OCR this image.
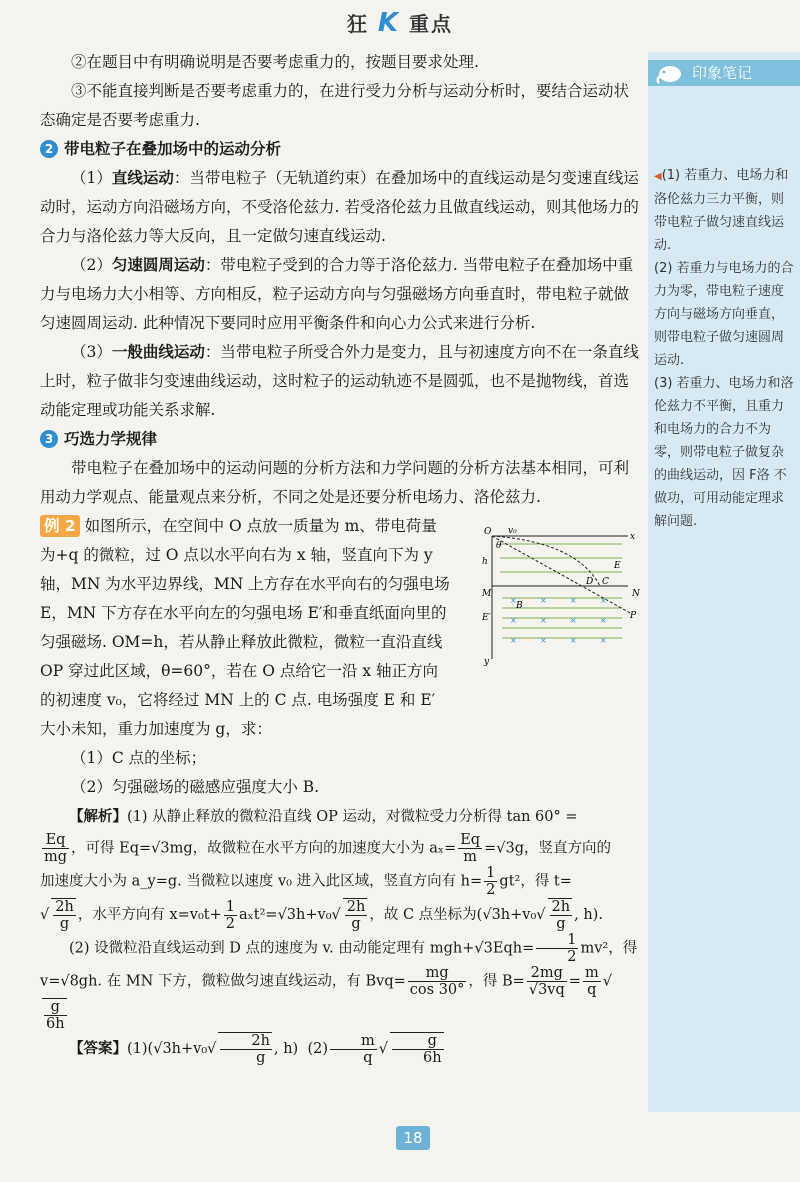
狂 K 重点

②在题目中有明确说明是否要考虑重力的，按题目要求处理.

③不能直接判断是否要考虑重力的，在进行受力分析与运动分析时，要结合运动状态确定是否要考虑重力.

2 带电粒子在叠加场中的运动分析

（1）直线运动：当带电粒子（无轨道约束）在叠加场中的直线运动是匀变速直线运动时，运动方向沿磁场方向，不受洛伦兹力. 若受洛伦兹力且做直线运动，则其他场力的合力与洛伦兹力等大反向，且一定做匀速直线运动.

（2）匀速圆周运动：带电粒子受到的合力等于洛伦兹力. 当带电粒子在叠加场中重力与电场力大小相等、方向相反，粒子运动方向与匀强磁场方向垂直时，带电粒子就做匀速圆周运动. 此种情况下要同时应用平衡条件和向心力公式来进行分析.

（3）一般曲线运动：当带电粒子所受合外力是变力，且与初速度方向不在一条直线上时，粒子做非匀变速曲线运动，这时粒子的运动轨迹不是圆弧，也不是抛物线，首选动能定理或功能关系求解.

3 巧选力学规律

带电粒子在叠加场中的运动问题的分析方法和力学问题的分析方法基本相同，可利用动力学观点、能量观点来分析，不同之处是还要分析电场力、洛伦兹力.

例 2 如图所示，在空间中 O 点放一质量为 m、带电荷量为+q 的微粒，过 O 点以水平向右为 x 轴，竖直向下为 y 轴，MN 为水平边界线，MN 上方存在水平向右的匀强电场 E，MN 下方存在水平向左的匀强电场 E′和垂直纸面向里的匀强磁场. OM=h，若从静止释放此微粒，微粒一直沿直线 OP 穿过此区域，θ=60°，若在 O 点给它一沿 x 轴正方向的初速度 v₀，它将经过 MN 上的 C 点. 电场强度 E 和 E′大小未知，重力加速度为 g，求：

（1）C 点的坐标；

（2）匀强磁场的磁感应强度大小 B.

【解析】(1) 从静止释放的微粒沿直线 OP 运动，对微粒受力分析得 tan 60° =

$\frac{Eq}{mg}$ ，可得 Eq=√3mg，故微粒在水平方向的加速度大小为 $a_x= \frac{Eq}{m} =√3g$，竖直方向的

加速度大小为 a_y=g. 当微粒以速度 v₀ 进入此区域，竖直方向有 $h= \frac{1}{2} gt^2$，得 t=

√ $\frac{2h}{g}$ ，水平方向有 $x=v_0t+ \frac{1}{2} a_xt^2=√3h+v_0√ \frac{2h}{g}$ ，故 C 点坐标为($√3h+v_0√ \frac{2h}{g}$ , h).

(2) 设微粒沿直线运动到 D 点的速度为 v. 由动能定理有 $mgh+√3Eqh= \frac{1}{2} mv^2$，得

v=√8gh. 在 MN 下方，微粒做匀速直线运动，有 $Bvq= \frac{mg}{\cos 30^\circ}$ ，得 $B= \frac{2mg}{√3vq} = \frac{m}{q}$ √
$\frac{g}{6h}$

【答案】$(1)(√3h+v_0√ \frac{2h}{g}$ , h) $(2) \frac{m}{q}$ √ $\frac{g}{6h}$

O v₀
x
y
θ
h	E
M	N
D C
B
E′	P
×	×	×	×
×	×	×	×
×	×	×	×
印象笔记

◀(1) 若重力、电场力和洛伦兹力三力平衡，则带电粒子做匀速直线运动.

(2) 若重力与电场力的合力为零，带电粒子速度方向与磁场方向垂直，则带电粒子做匀速圆周运动.

(3) 若重力、电场力和洛伦兹力不平衡，且重力和电场力的合力不为零，则带电粒子做复杂的曲线运动，因 F洛 不做功，可用动能定理求解问题.

18
